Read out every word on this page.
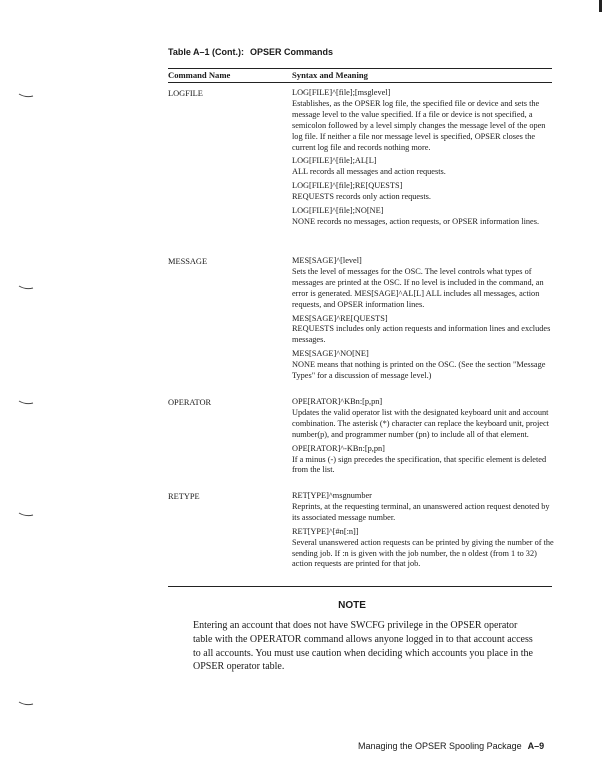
Table A–1 (Cont.): OPSER Commands
Command Name	Syntax and Meaning
LOGFILE	LOG[FILE]^[file];[msglevel]

Establishes, as the OPSER log file, the specified file or device and sets the message level to the value specified. If a file or device is not specified, a semicolon followed by a level simply changes the message level of the open log file. If neither a file nor message level is specified, OPSER closes the current log file and records nothing more.

LOG[FILE]^[file];AL[L]

ALL records all messages and action requests.

LOG[FILE]^[file];RE[QUESTS]

REQUESTS records only action requests.

LOG[FILE]^[file];NO[NE]

NONE records no messages, action requests, or OPSER information lines.

MESSAGE	MES[SAGE]^[level]

Sets the level of messages for the OSC. The level controls what types of messages are printed at the OSC. If no level is included in the command, an error is generated. MES[SAGE]^AL[L] ALL includes all messages, action requests, and OPSER information lines.

MES[SAGE]^RE[QUESTS]

REQUESTS includes only action requests and information lines and excludes messages.

MES[SAGE]^NO[NE]

NONE means that nothing is printed on the OSC. (See the section "Message Types" for a discussion of message level.)

OPERATOR	OPE[RATOR]^KBn:[p,pn]

Updates the valid operator list with the designated keyboard unit and account combination. The asterisk (*) character can replace the keyboard unit, project number(p), and programmer number (pn) to include all of that element.

OPE[RATOR]^-KBn:[p,pn]

If a minus (-) sign precedes the specification, that specific element is deleted from the list.

RETYPE	RET[YPE]^msgnumber

Reprints, at the requesting terminal, an unanswered action request denoted by its associated message number.

RET[YPE]^[#n[:n]]

Several unanswered action requests can be printed by giving the number of the sending job. If :n is given with the job number, the n oldest (from 1 to 32) action requests are printed for that job.

NOTE
Entering an account that does not have SWCFG privilege in the OPSER operator table with the OPERATOR command allows anyone logged in to that account access to all accounts. You must use caution when deciding which accounts you place in the OPSER operator table.
Managing the OPSER Spooling Package A–9
